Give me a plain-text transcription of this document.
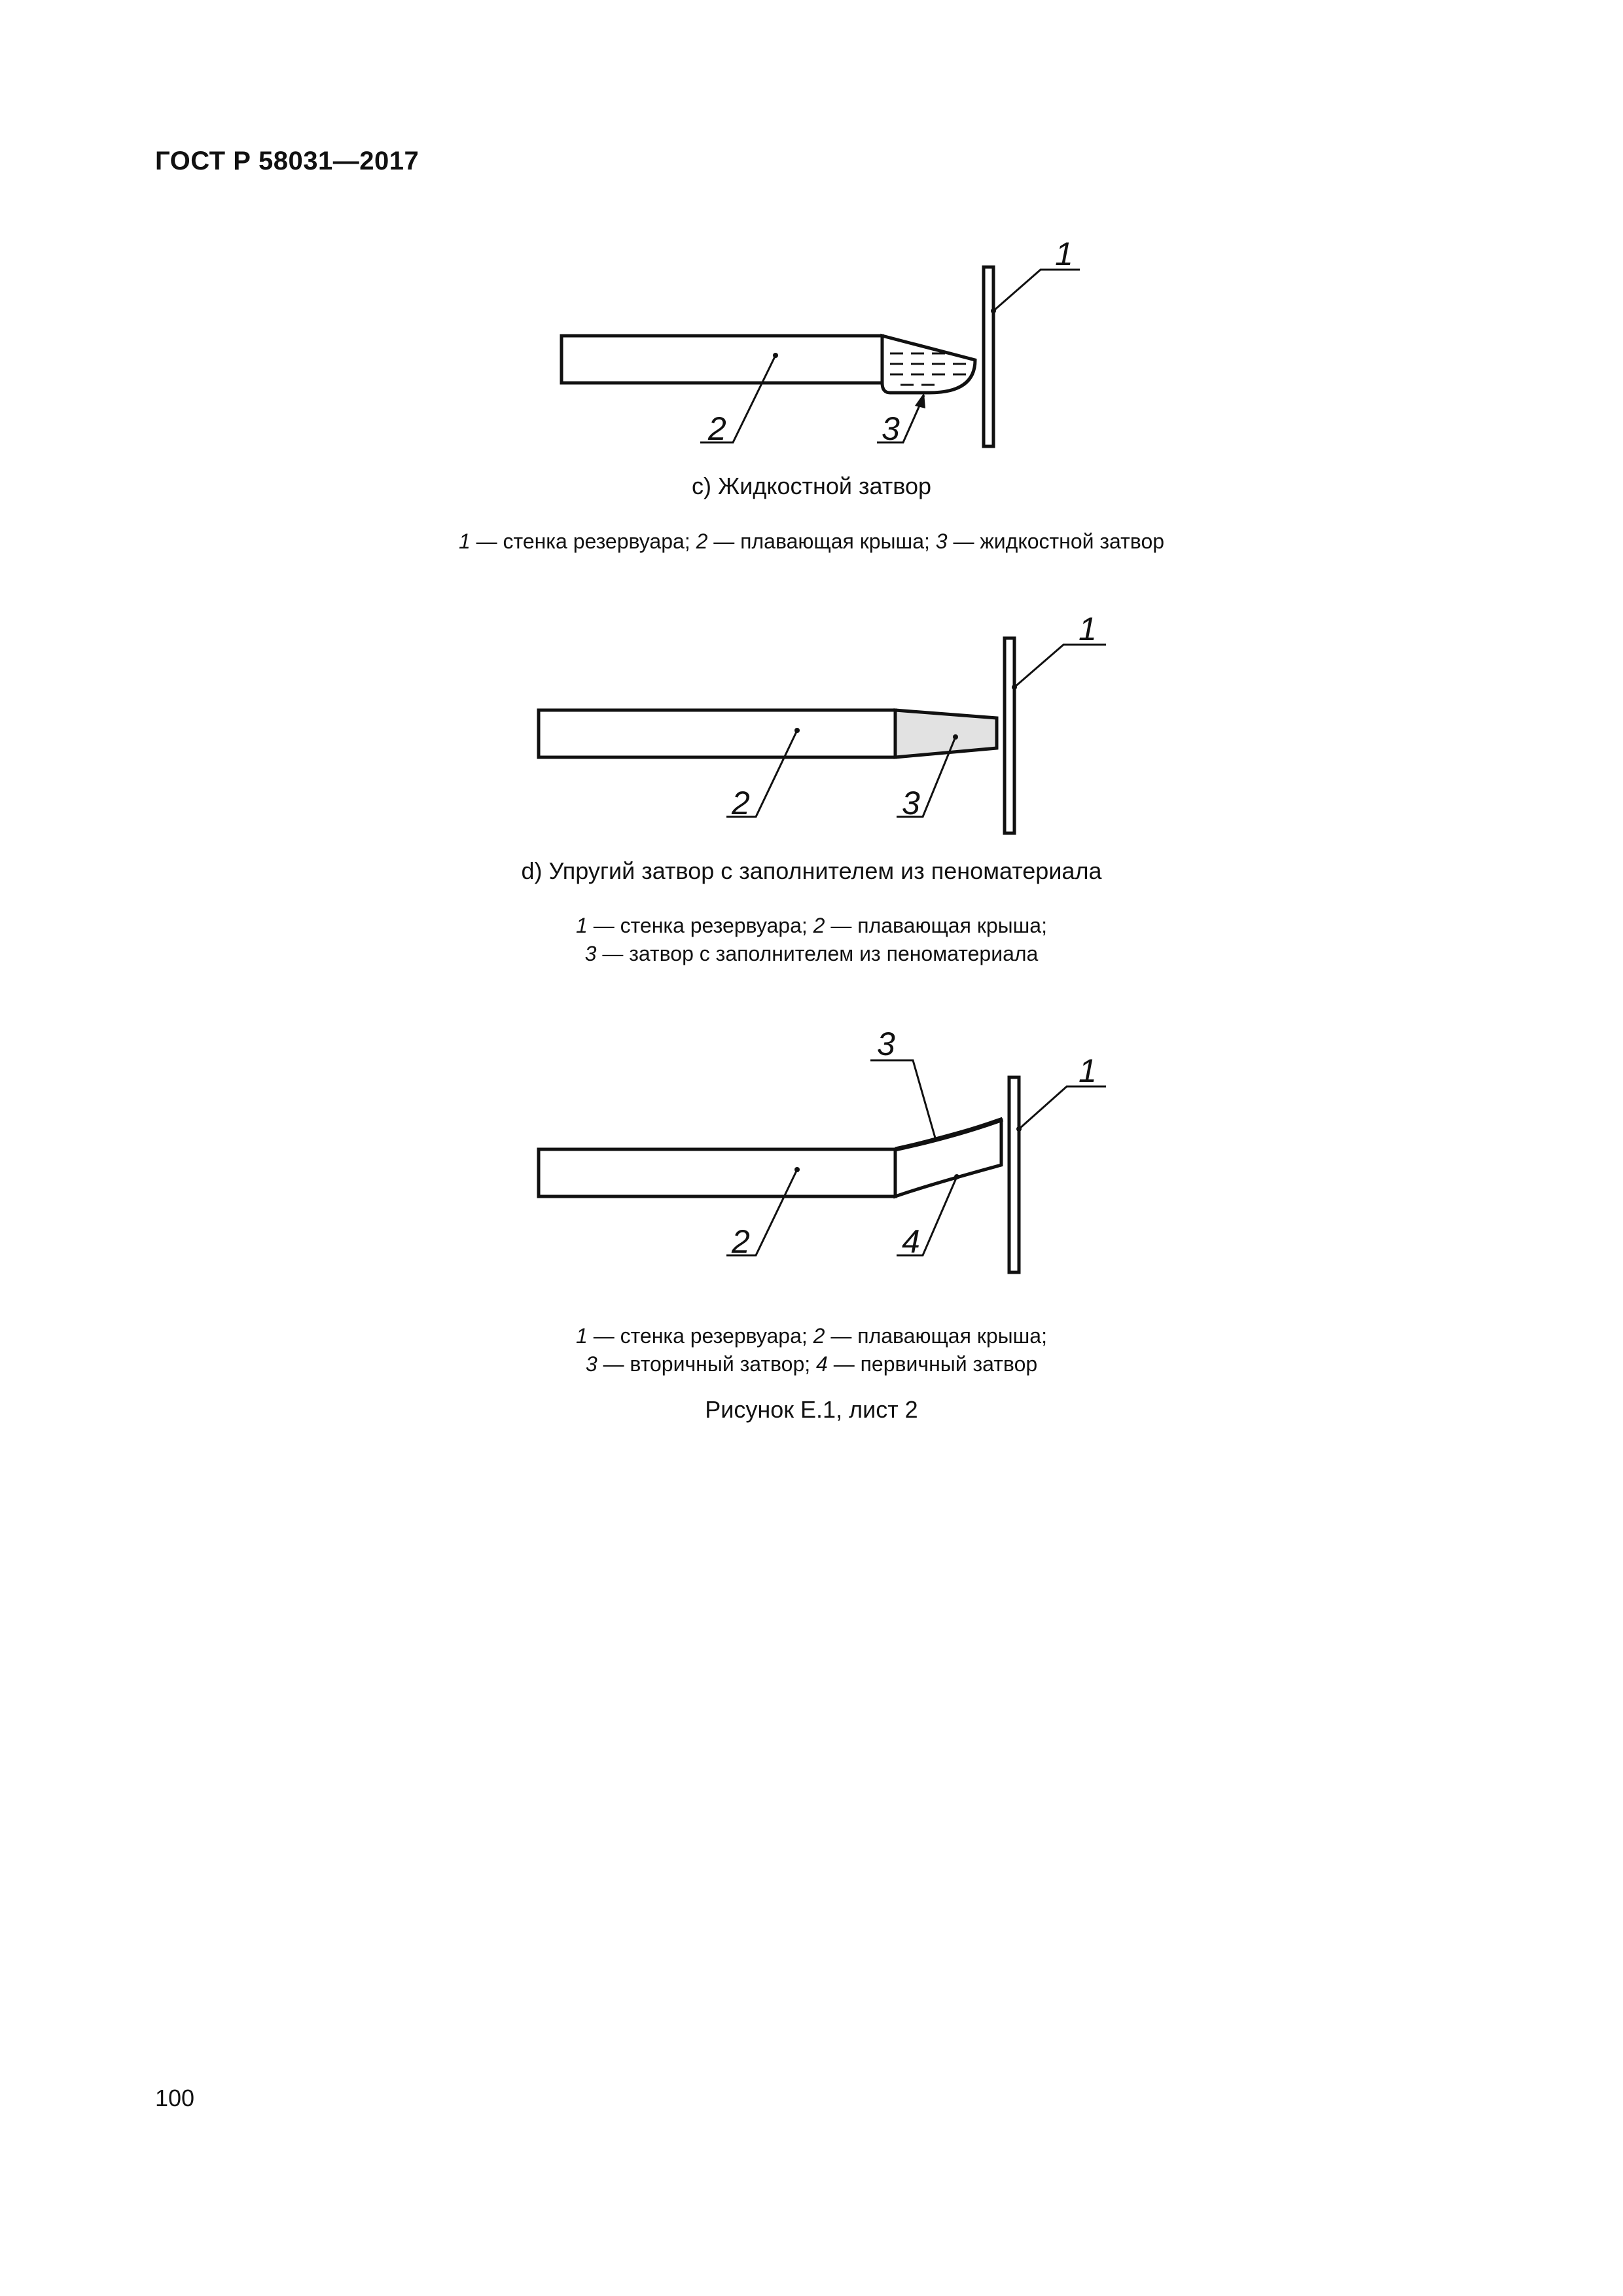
ГОСТ Р 58031—2017
1
2	3
c) Жидкостной затвор
1 — стенка резервуара; 2 — плавающая крыша; 3 — жидкостной затвор
1
2	3
d) Упругий затвор с заполнителем из пеноматериала
1 — стенка резервуара; 2 — плавающая крыша;
3 — затвор с заполнителем из пеноматериала
1
3
2	4
1 — стенка резервуара; 2 — плавающая крыша;
3 — вторичный затвор; 4 — первичный затвор
Рисунок Е.1, лист 2
100
